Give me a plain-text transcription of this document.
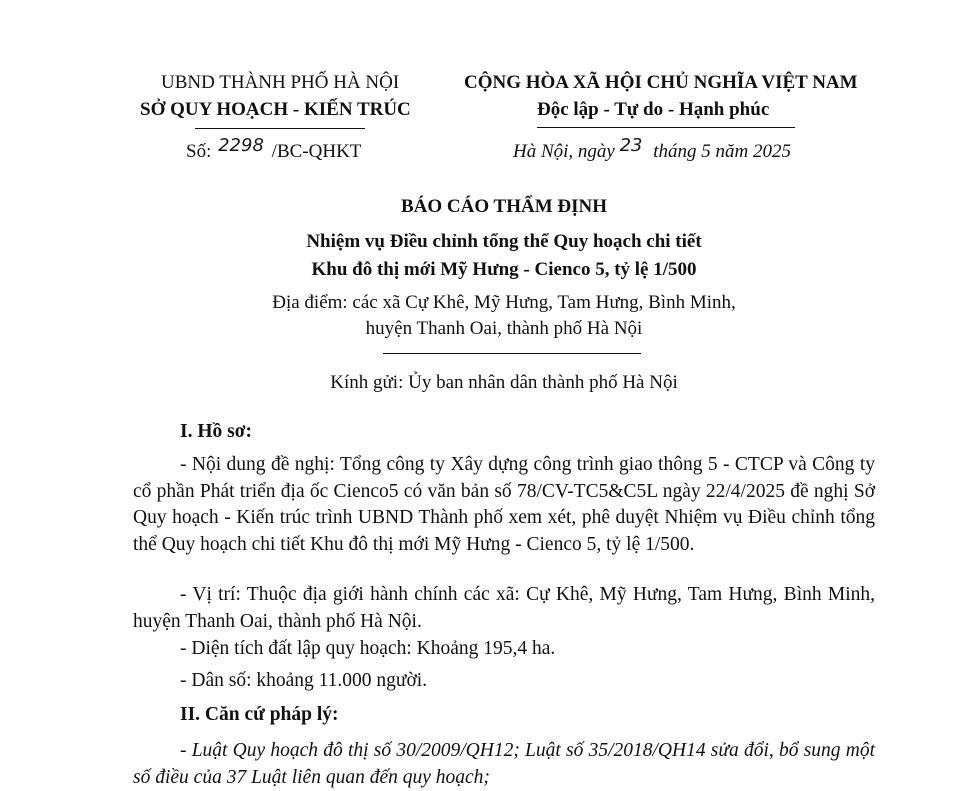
UBND THÀNH PHỐ HÀ NỘI
SỞ QUY HOẠCH - KIẾN TRÚC
Số: 2298 /BC-QHKT
CỘNG HÒA XÃ HỘI CHỦ NGHĨA VIỆT NAM
Độc lập - Tự do - Hạnh phúc
Hà Nội, ngày 23 tháng 5 năm 2025
BÁO CÁO THẨM ĐỊNH
Nhiệm vụ Điều chỉnh tổng thể Quy hoạch chi tiết
Khu đô thị mới Mỹ Hưng - Cienco 5, tỷ lệ 1/500
Địa điểm: các xã Cự Khê, Mỹ Hưng, Tam Hưng, Bình Minh,
huyện Thanh Oai, thành phố Hà Nội
Kính gửi: Ủy ban nhân dân thành phố Hà Nội
I. Hồ sơ:
- Nội dung đề nghị: Tổng công ty Xây dựng công trình giao thông 5 - CTCP và Công ty cổ phần Phát triển địa ốc Cienco5 có văn bản số 78/CV-TC5&C5L ngày 22/4/2025 đề nghị Sở Quy hoạch - Kiến trúc trình UBND Thành phố xem xét, phê duyệt Nhiệm vụ Điều chỉnh tổng thể Quy hoạch chi tiết Khu đô thị mới Mỹ Hưng - Cienco 5, tỷ lệ 1/500.
- Vị trí: Thuộc địa giới hành chính các xã: Cự Khê, Mỹ Hưng, Tam Hưng, Bình Minh, huyện Thanh Oai, thành phố Hà Nội.
- Diện tích đất lập quy hoạch: Khoảng 195,4 ha.
- Dân số: khoảng 11.000 người.
II. Căn cứ pháp lý:
- Luật Quy hoạch đô thị số 30/2009/QH12; Luật số 35/2018/QH14 sửa đổi, bổ sung một số điều của 37 Luật liên quan đến quy hoạch;
